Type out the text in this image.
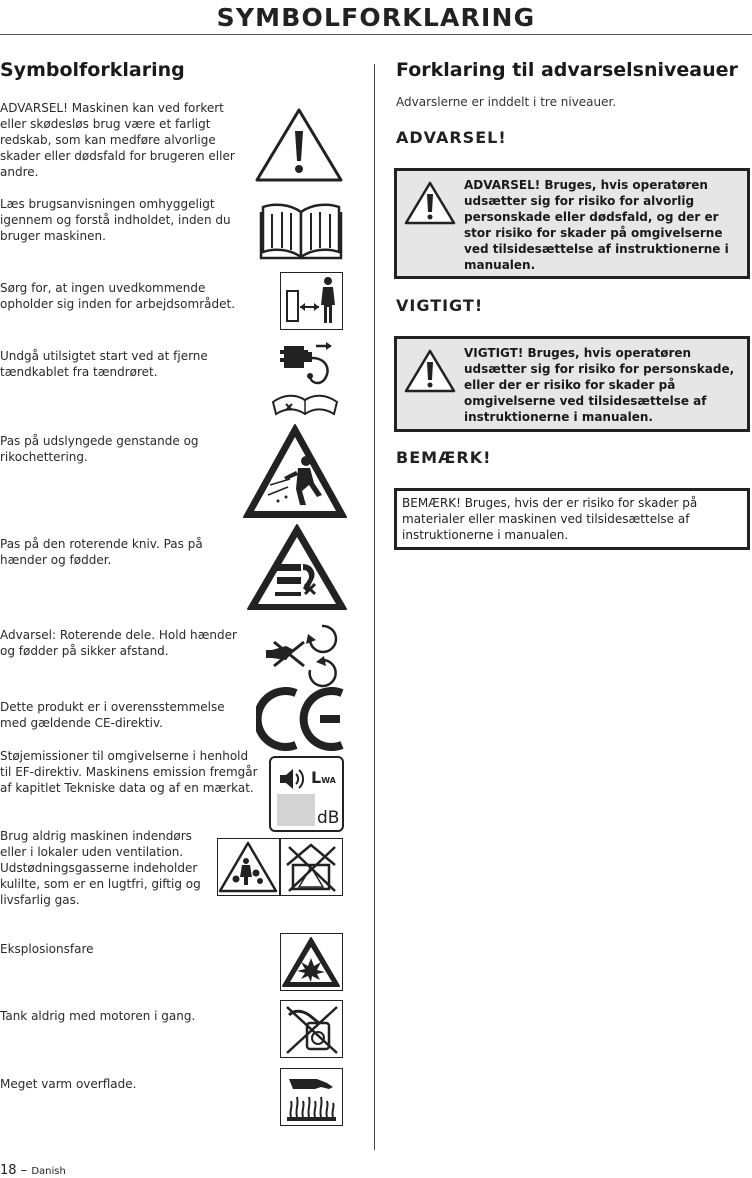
SYMBOLFORKLARING
Symbolforklaring
ADVARSEL! Maskinen kan ved forkert eller skødesløs brug være et farligt redskab, som kan medføre alvorlige skader eller dødsfald for brugeren eller andre.
Læs brugsanvisningen omhyggeligt igennem og forstå indholdet, inden du bruger maskinen.
Sørg for, at ingen uvedkommende opholder sig inden for arbejdsområdet.
Undgå utilsigtet start ved at fjerne tændkablet fra tændrøret.
Pas på udslyngede genstande og rikochettering.
Pas på den roterende kniv. Pas på hænder og fødder.
Advarsel: Roterende dele. Hold hænder og fødder på sikker afstand.
Dette produkt er i overensstemmelse med gældende CE-direktiv.
Støjemissioner til omgivelserne i henhold til EF-direktiv. Maskinens emission fremgår af kapitlet Tekniske data og af en mærkat.
Brug aldrig maskinen indendørs eller i lokaler uden ventilation. Udstødningsgasserne indeholder kulilte, som er en lugtfri, giftig og livsfarlig gas.
Eksplosionsfare
Tank aldrig med motoren i gang.
Meget varm overflade.
LWA
dB
Forklaring til advarselsniveauer
Advarslerne er inddelt i tre niveauer.
ADVARSEL!
ADVARSEL! Bruges, hvis operatøren udsætter sig for risiko for alvorlig personskade eller dødsfald, og der er stor risiko for skader på omgivelserne ved tilsidesættelse af instruktionerne i manualen.
VIGTIGT!
VIGTIGT! Bruges, hvis operatøren udsætter sig for risiko for personskade, eller der er risiko for skader på omgivelserne ved tilsidesættelse af instruktionerne i manualen.
BEMÆRK!
BEMÆRK! Bruges, hvis der er risiko for skader på materialer eller maskinen ved tilsidesættelse af instruktionerne i manualen.
18 – Danish
